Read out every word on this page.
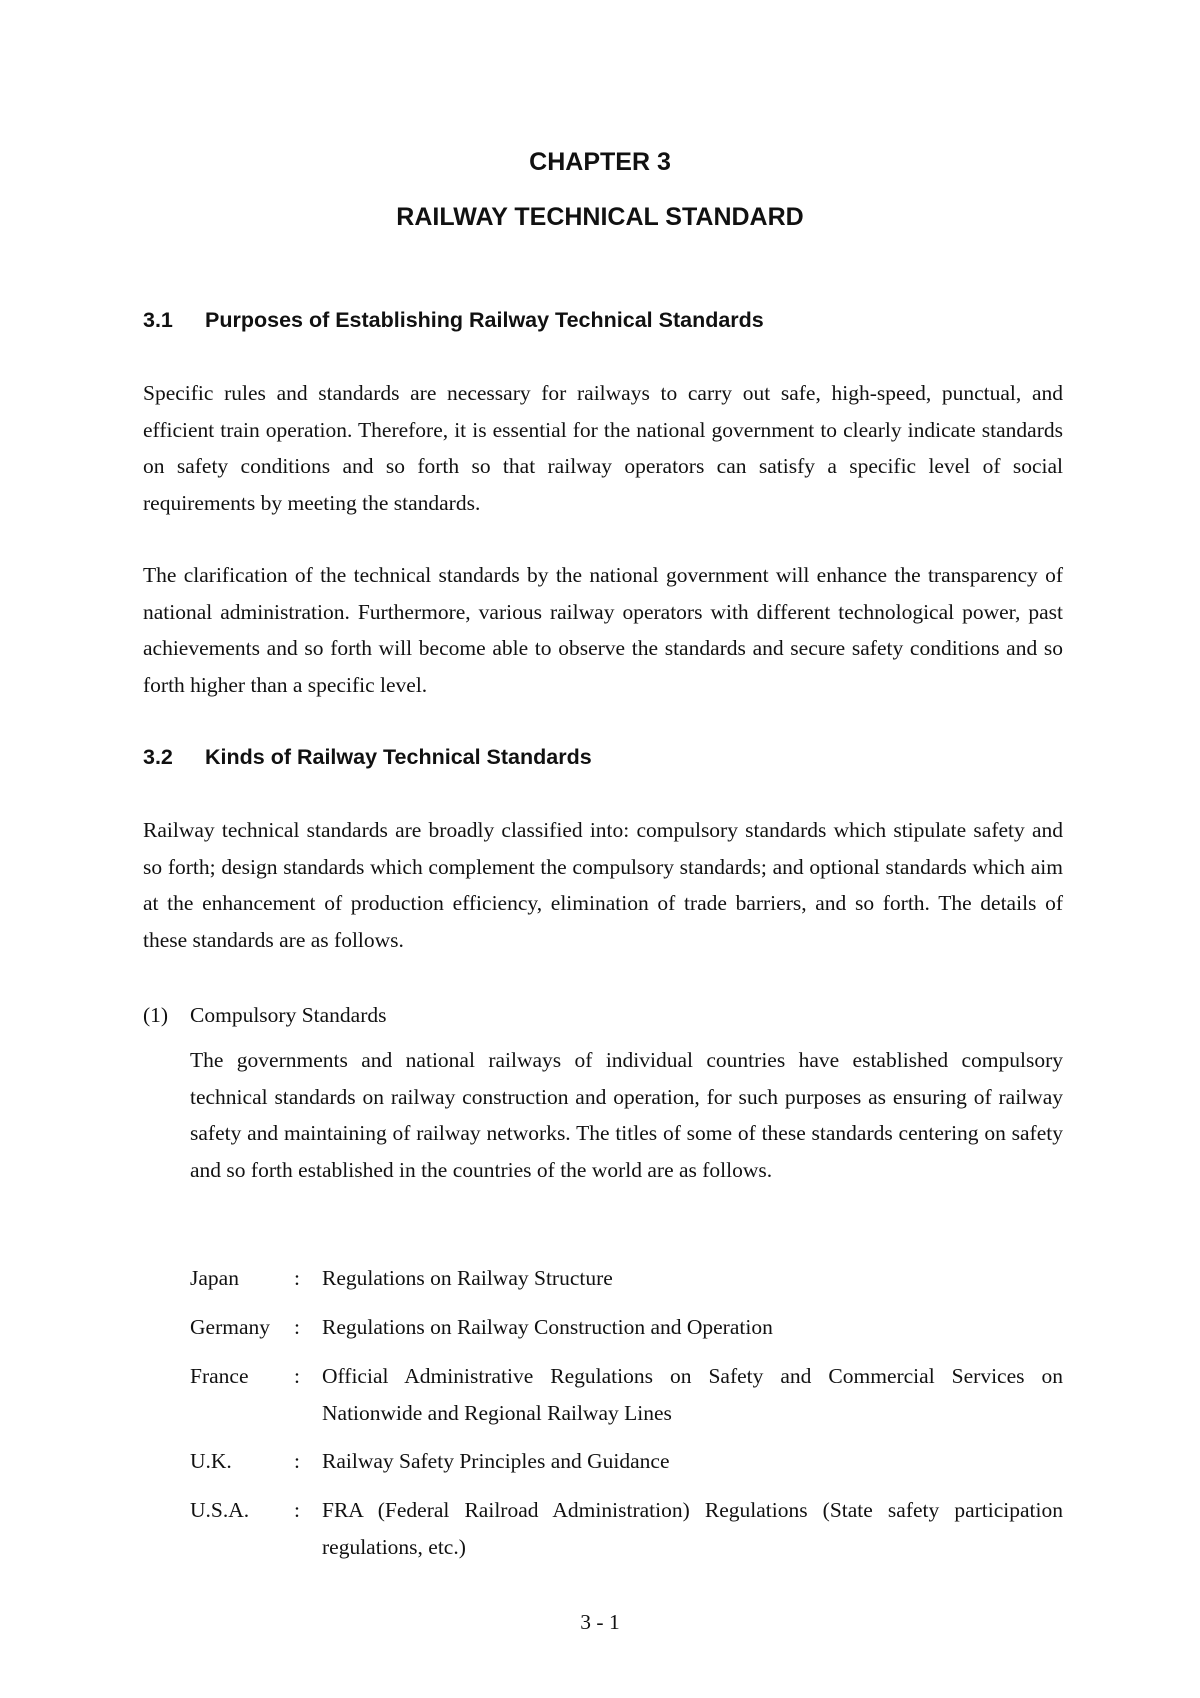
CHAPTER 3
RAILWAY TECHNICAL STANDARD
3.1 Purposes of Establishing Railway Technical Standards

Specific rules and standards are necessary for railways to carry out safe, high-speed, punctual, and efficient train operation. Therefore, it is essential for the national government to clearly indicate standards on safety conditions and so forth so that railway operators can satisfy a specific level of social requirements by meeting the standards.

The clarification of the technical standards by the national government will enhance the transparency of national administration. Furthermore, various railway operators with different technological power, past achievements and so forth will become able to observe the standards and secure safety conditions and so forth higher than a specific level.

3.2 Kinds of Railway Technical Standards

Railway technical standards are broadly classified into: compulsory standards which stipulate safety and so forth; design standards which complement the compulsory standards; and optional standards which aim at the enhancement of production efficiency, elimination of trade barriers, and so forth. The details of these standards are as follows.

(1) Compulsory Standards

The governments and national railways of individual countries have established compulsory technical standards on railway construction and operation, for such purposes as ensuring of railway safety and maintaining of railway networks. The titles of some of these standards centering on safety and so forth established in the countries of the world are as follows.

Japan	: Regulations on Railway Structure
Germany	: Regulations on Railway Construction and Operation
France	: Official Administrative Regulations on Safety and Commercial Services on Nationwide and Regional Railway Lines
U.K.	: Railway Safety Principles and Guidance
U.S.A.	: FRA (Federal Railroad Administration) Regulations (State safety participation regulations, etc.)
3 - 1
